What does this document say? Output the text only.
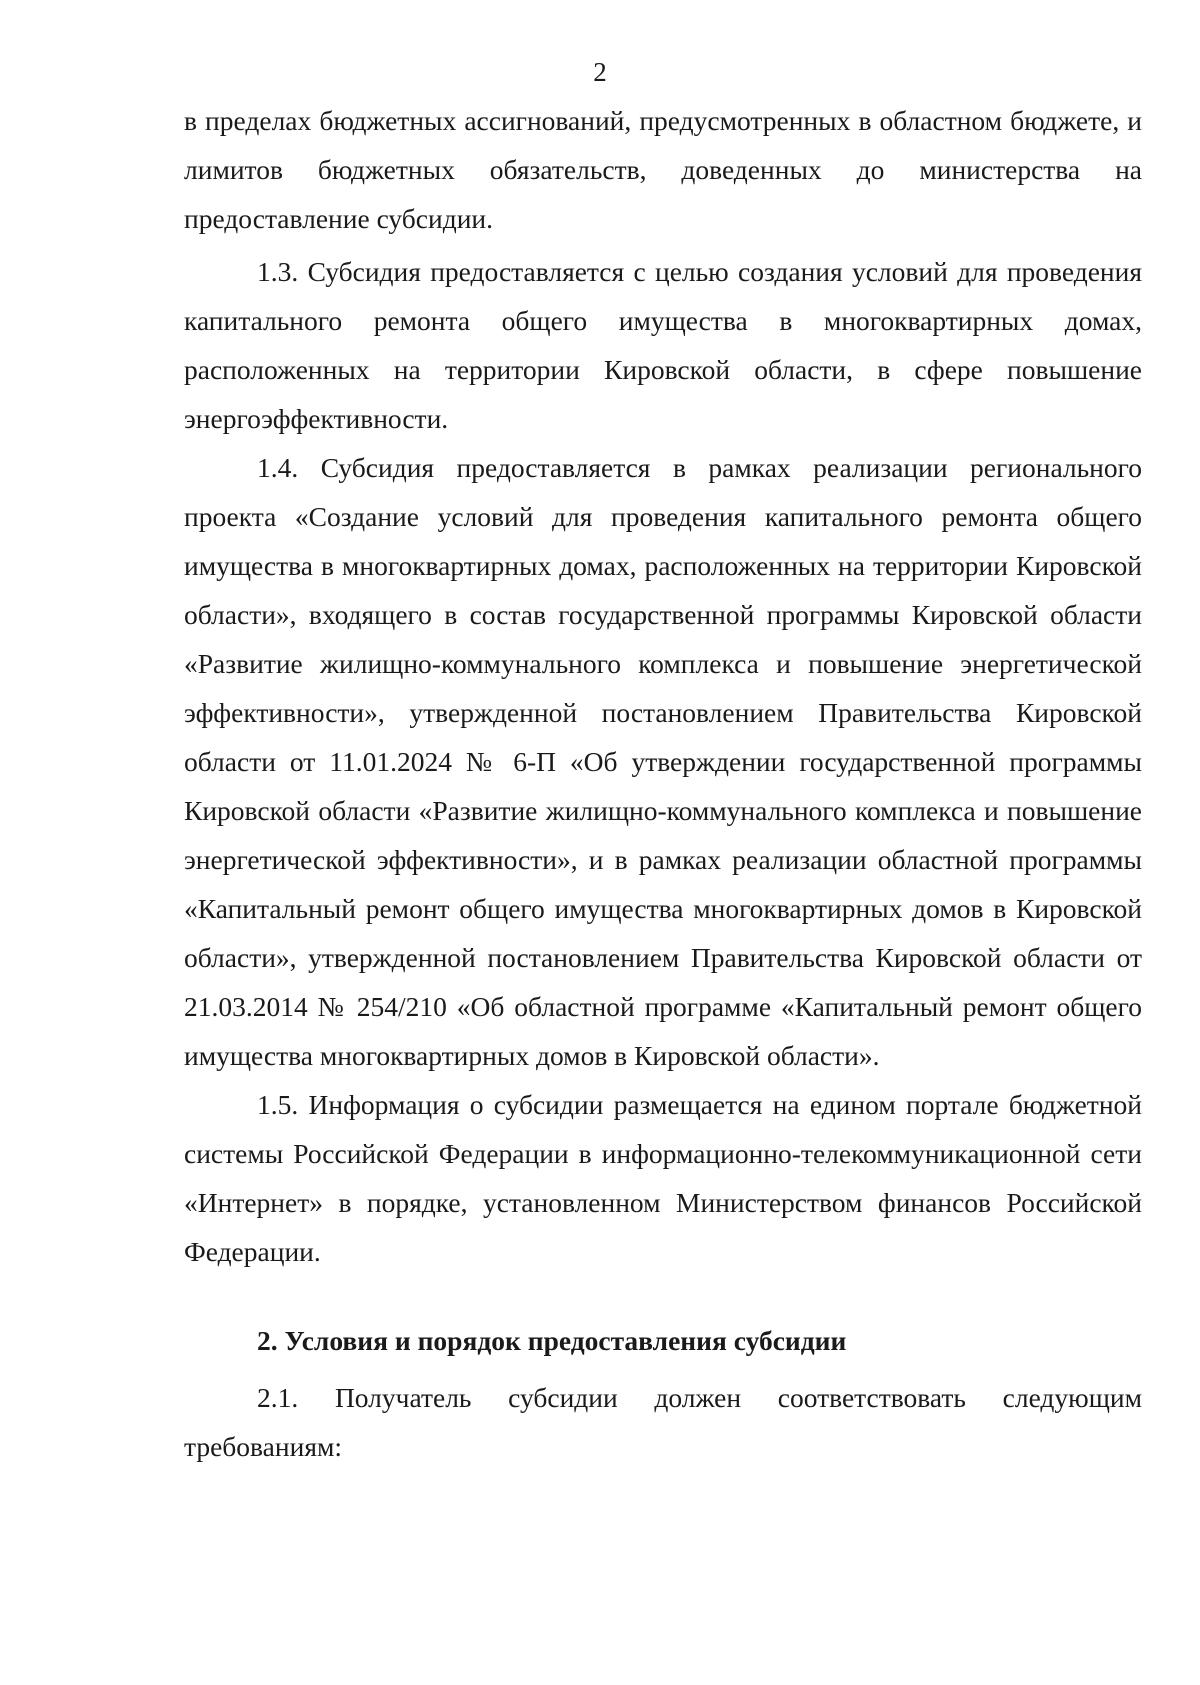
2

в пределах бюджетных ассигнований, предусмотренных в областном бюджете, и лимитов бюджетных обязательств, доведенных до министерства на предоставление субсидии.

1.3. Субсидия предоставляется с целью создания условий для проведения капитального ремонта общего имущества в многоквартирных домах, расположенных на территории Кировской области, в сфере повышение энергоэффективности.

1.4. Субсидия предоставляется в рамках реализации регионального проекта «Создание условий для проведения капитального ремонта общего имущества в многоквартирных домах, расположенных на территории Кировской области», входящего в состав государственной программы Кировской области «Развитие жилищно-коммунального комплекса и повышение энергетической эффективности», утвержденной постановлением Правительства Кировской области от 11.01.2024 № 6-П «Об утверждении государственной программы Кировской области «Развитие жилищно-коммунального комплекса и повышение энергетической эффективности», и в рамках реализации областной программы «Капитальный ремонт общего имущества многоквартирных домов в Кировской области», утвержденной постановлением Правительства Кировской области от 21.03.2014 № 254/210 «Об областной программе «Капитальный ремонт общего имущества многоквартирных домов в Кировской области».

1.5. Информация о субсидии размещается на едином портале бюджетной системы Российской Федерации в информационно-телекоммуникационной сети «Интернет» в порядке, установленном Министерством финансов Российской Федерации.

2. Условия и порядок предоставления субсидии

2.1. Получатель субсидии должен соответствовать следующим требованиям:
